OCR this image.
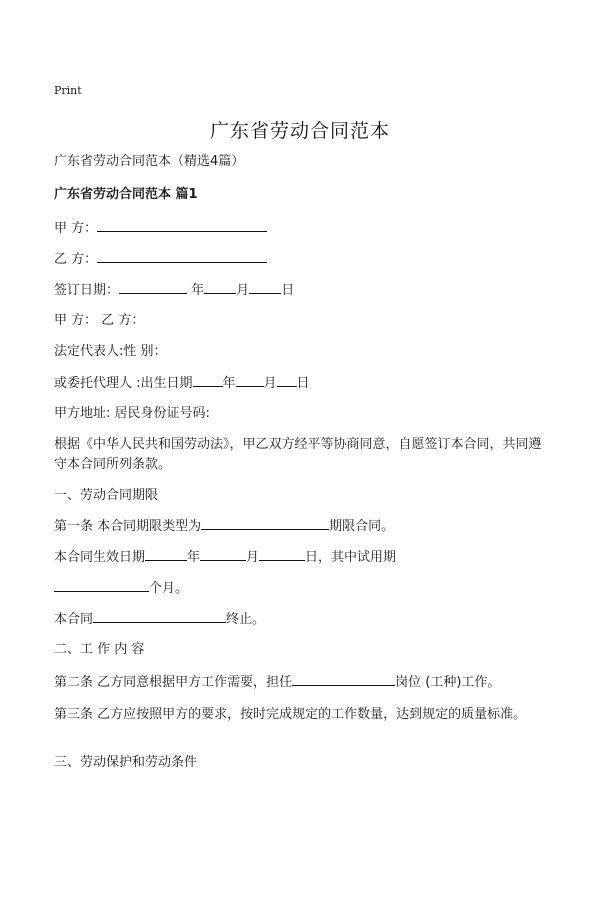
Print
广东省劳动合同范本
广东省劳动合同范本（精选4篇）
广东省劳动合同范本 篇1
甲 方：
乙 方：
签订日期：	年 月 日
甲 方： 乙 方：
法定代表人:性 别：
或委托代理人 :出生日期 年 月 日
甲方地址: 居民身份证号码:
根据《中华人民共和国劳动法》，甲乙双方经平等协商同意，自愿签订本合同，共同遵守本合同所列条款。
一、劳动合同期限
第一条 本合同期限类型为	期限合同。
本合同生效日期	年	月	日，其中试用期
个月。
本合同	终止。
二、工 作 内 容
第二条 乙方同意根据甲方工作需要，担任	岗位 (工种)工作。
第三条 乙方应按照甲方的要求，按时完成规定的工作数量，达到规定的质量标准。
三、劳动保护和劳动条件
